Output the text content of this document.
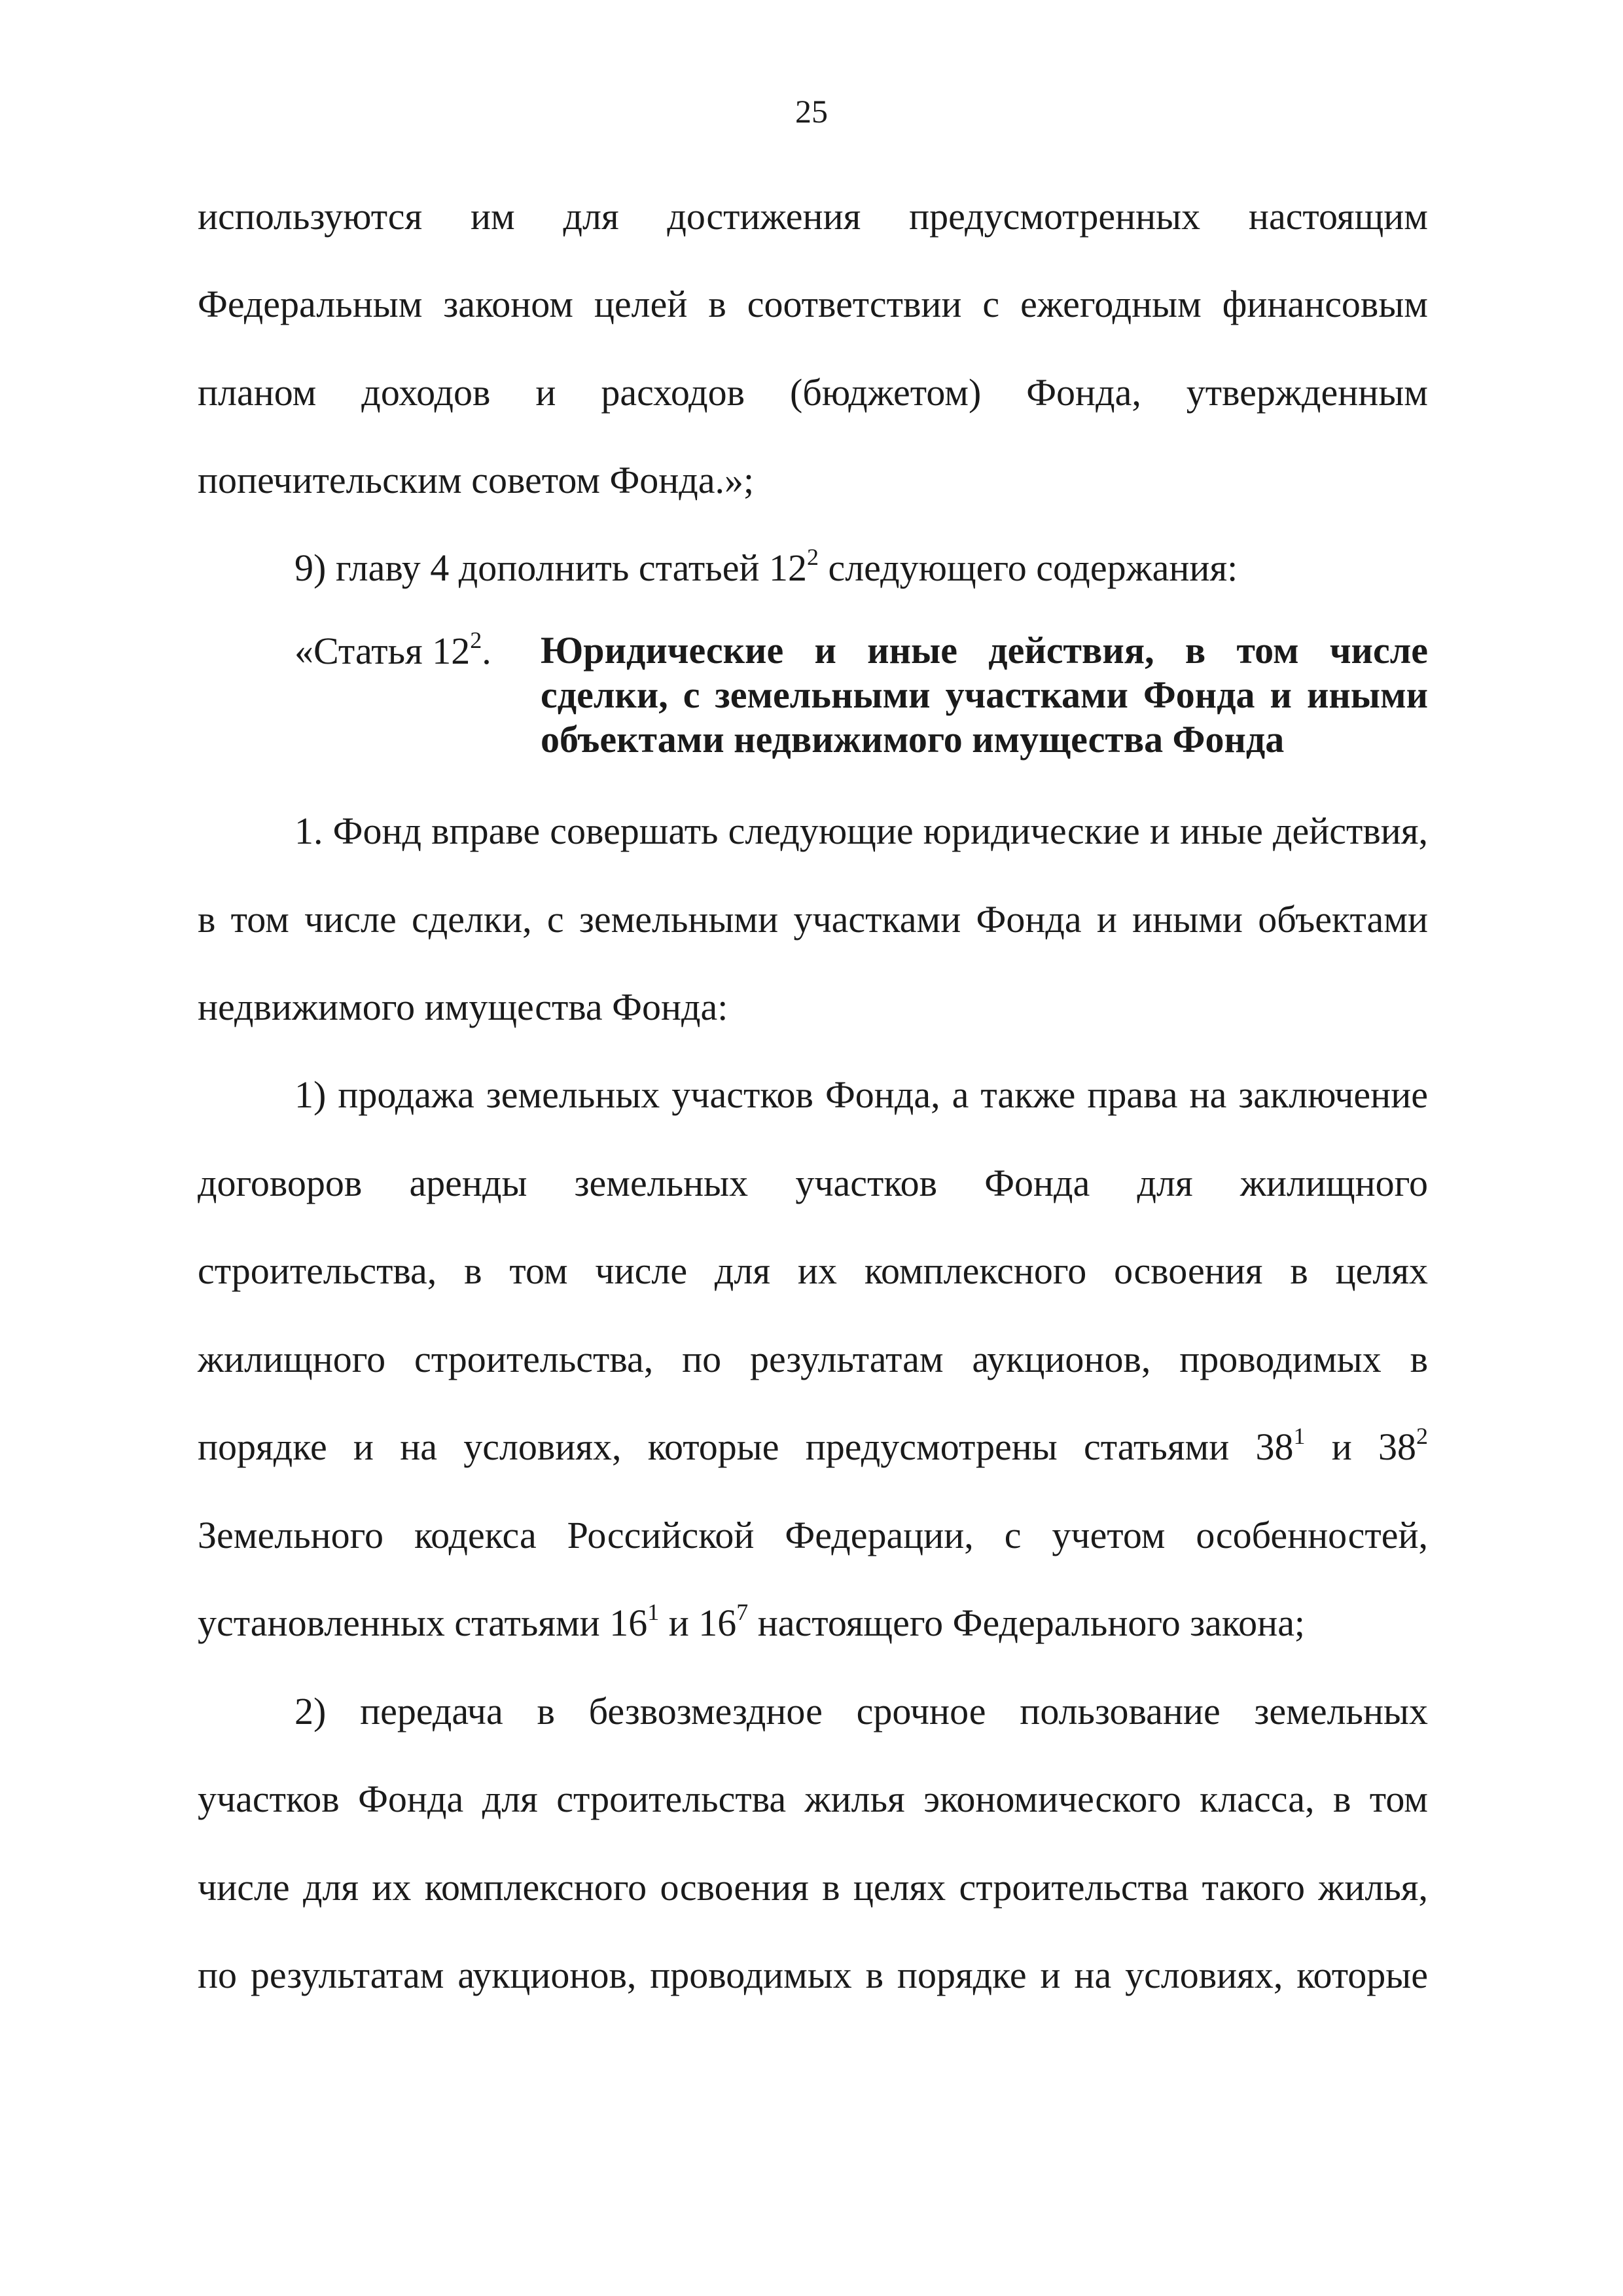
25
используются им для достижения предусмотренных настоящим
Федеральным законом целей в соответствии с ежегодным финансовым
планом доходов и расходов (бюджетом) Фонда, утвержденным
попечительским советом Фонда.»;
9) главу 4 дополнить статьей $12^2$ следующего содержания:
«Статья $12^2$. Юридические и иные действия, в том числе
сделки, с земельными участками Фонда и иными
объектами недвижимого имущества Фонда
1. Фонд вправе совершать следующие юридические и иные действия,
в том числе сделки, с земельными участками Фонда и иными объектами
недвижимого имущества Фонда:
1) продажа земельных участков Фонда, а также права на заключение
договоров аренды земельных участков Фонда для жилищного
строительства, в том числе для их комплексного освоения в целях
жилищного строительства, по результатам аукционов, проводимых в
порядке и на условиях, которые предусмотрены статьями $38^1$ и $38^2$
Земельного кодекса Российской Федерации, с учетом особенностей,
установленных статьями $16^1$ и $16^7$ настоящего Федерального закона;
2) передача в безвозмездное срочное пользование земельных
участков Фонда для строительства жилья экономического класса, в том
числе для их комплексного освоения в целях строительства такого жилья,
по результатам аукционов, проводимых в порядке и на условиях, которые
